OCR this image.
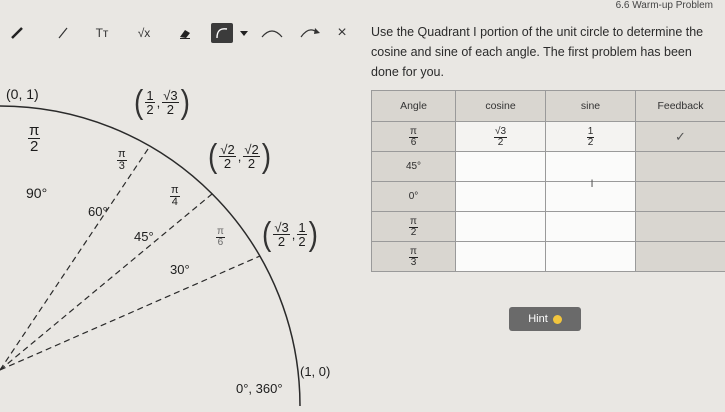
6.6 Warm-up Problem
Tт √x	× Use the Quadrant I portion of the unit circle to determine the cosine and sine of each angle. The first problem has been done for you.
(0, 1)
$\frac{\pi}{2}$
90°
60°
45°
30°
$\frac{\pi}{3}$
$\frac{\pi}{4}$
$\frac{\pi}{6}$
( $\frac{1}{2}$ , $\frac{√3}{2}$ )
( $\frac{√2}{2}$ , $\frac{√2}{2}$ )
( $\frac{√3}{2}$ , $\frac{1}{2}$ )
(1, 0)
0°, 360°
Angle	cosine	sine	Feedback

$\frac{\pi}{6}$	$\frac{√3}{2}$	$\frac{1}{2}$	✓
45°			
0°		I	

$\frac{\pi}{2}$

$\frac{\pi}{3}$

Hint
